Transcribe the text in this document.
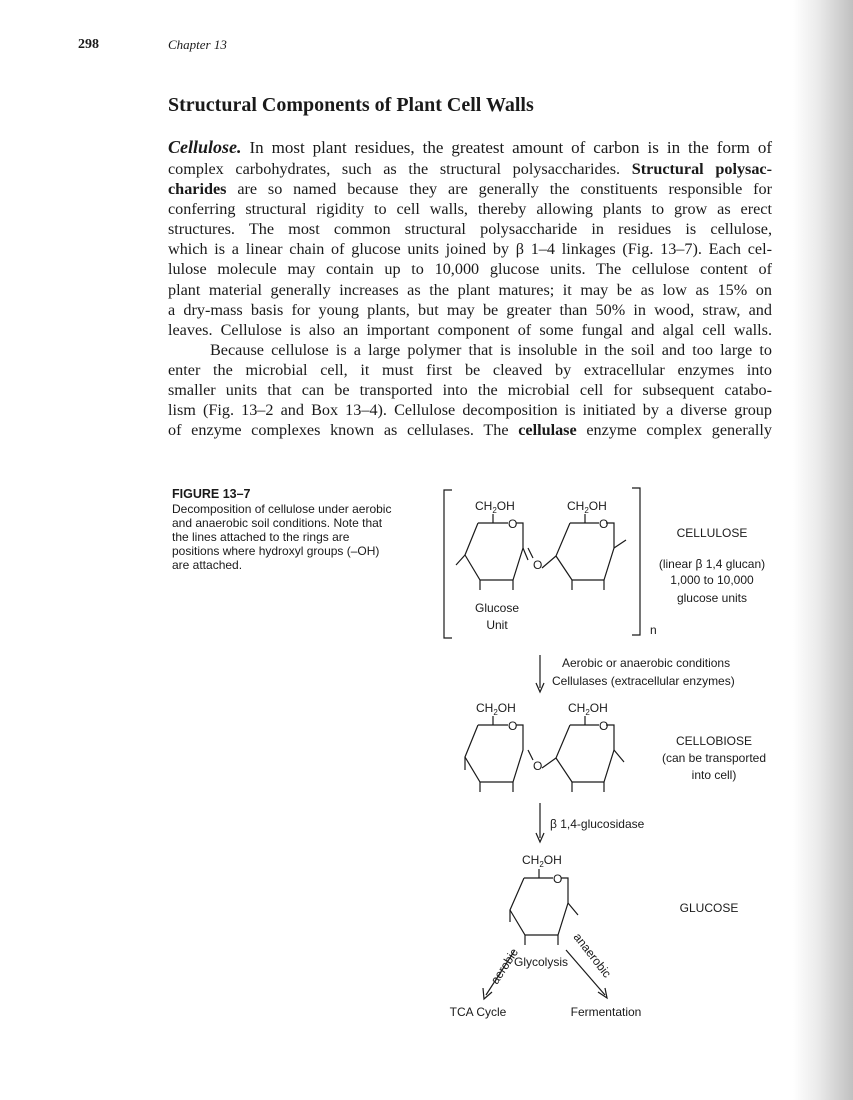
298	Chapter 13
Structural Components of Plant Cell Walls
Cellulose. In most plant residues, the greatest amount of carbon is in the form of
complex carbohydrates, such as the structural polysaccharides. Structural polysac-
charides are so named because they are generally the constituents responsible for
conferring structural rigidity to cell walls, thereby allowing plants to grow as erect
structures. The most common structural polysaccharide in residues is cellulose,
which is a linear chain of glucose units joined by β 1–4 linkages (Fig. 13–7). Each cel-
lulose molecule may contain up to 10,000 glucose units. The cellulose content of
plant material generally increases as the plant matures; it may be as low as 15% on
a dry-mass basis for young plants, but may be greater than 50% in wood, straw, and
leaves. Cellulose is also an important component of some fungal and algal cell walls.
Because cellulose is a large polymer that is insoluble in the soil and too large to
enter the microbial cell, it must first be cleaved by extracellular enzymes into
smaller units that can be transported into the microbial cell for subsequent catabo-
lism (Fig. 13–2 and Box 13–4). Cellulose decomposition is initiated by a diverse group
of enzyme complexes known as cellulases. The cellulase enzyme complex generally
FIGURE 13–7
Decomposition of cellulose under aerobic
and anaerobic soil conditions. Note that
the lines attached to the rings are
positions where hydroxyl groups (–OH)
are attached.
$CH_2OH$	$CH_2OH$
O	O
O
Glucose
Unit	n
CELLULOSE
(linear β 1,4 glucan)
1,000 to 10,000
glucose units
Aerobic or anaerobic conditions
Cellulases (extracellular enzymes)
$CH_2OH$	$CH_2OH$
O	O
O
CELLOBIOSE
(can be transported
into cell)
β 1,4-glucosidase
$CH_2OH$
O
GLUCOSE
aerobic	anaerobic
Glycolysis
TCA Cycle	Fermentation
